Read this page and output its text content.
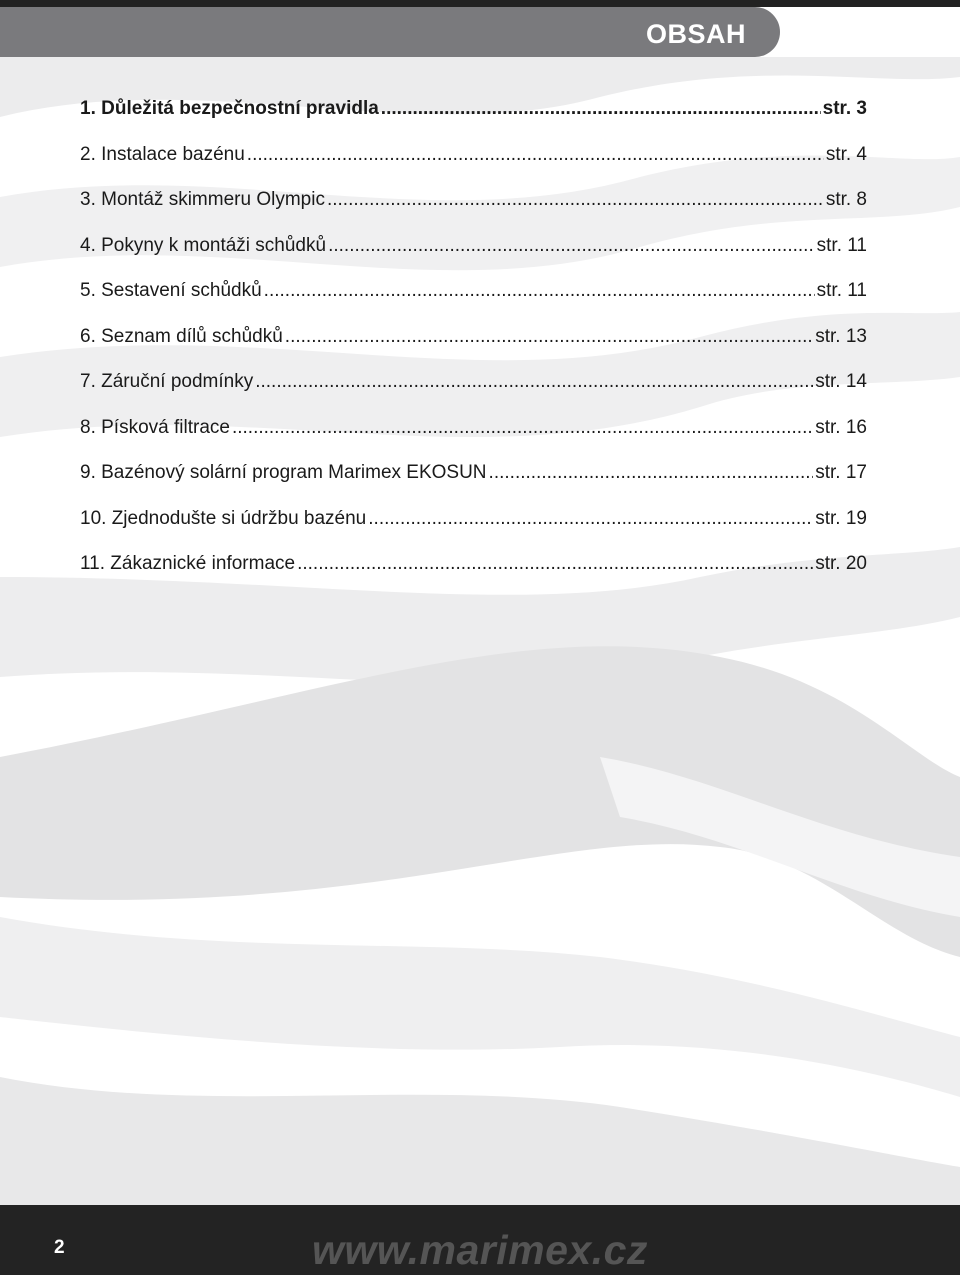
OBSAH
1. Důležitá bezpečnostní pravidla .....	str. 3
2. Instalace bazénu .....	str. 4
3. Montáž skimmeru Olympic .....	str. 8
4. Pokyny k montáži schůdků .....	str. 11
5. Sestavení schůdků .....	str. 11
6. Seznam dílů schůdků .....	str. 13
7. Záruční podmínky .....	str. 14
8. Písková filtrace .....	str. 16
9. Bazénový solární program Marimex EKOSUN .....	str. 17
10. Zjednodušte si údržbu bazénu .....	str. 19
11. Zákaznické informace .....	str. 20
2	www.marimex.cz
